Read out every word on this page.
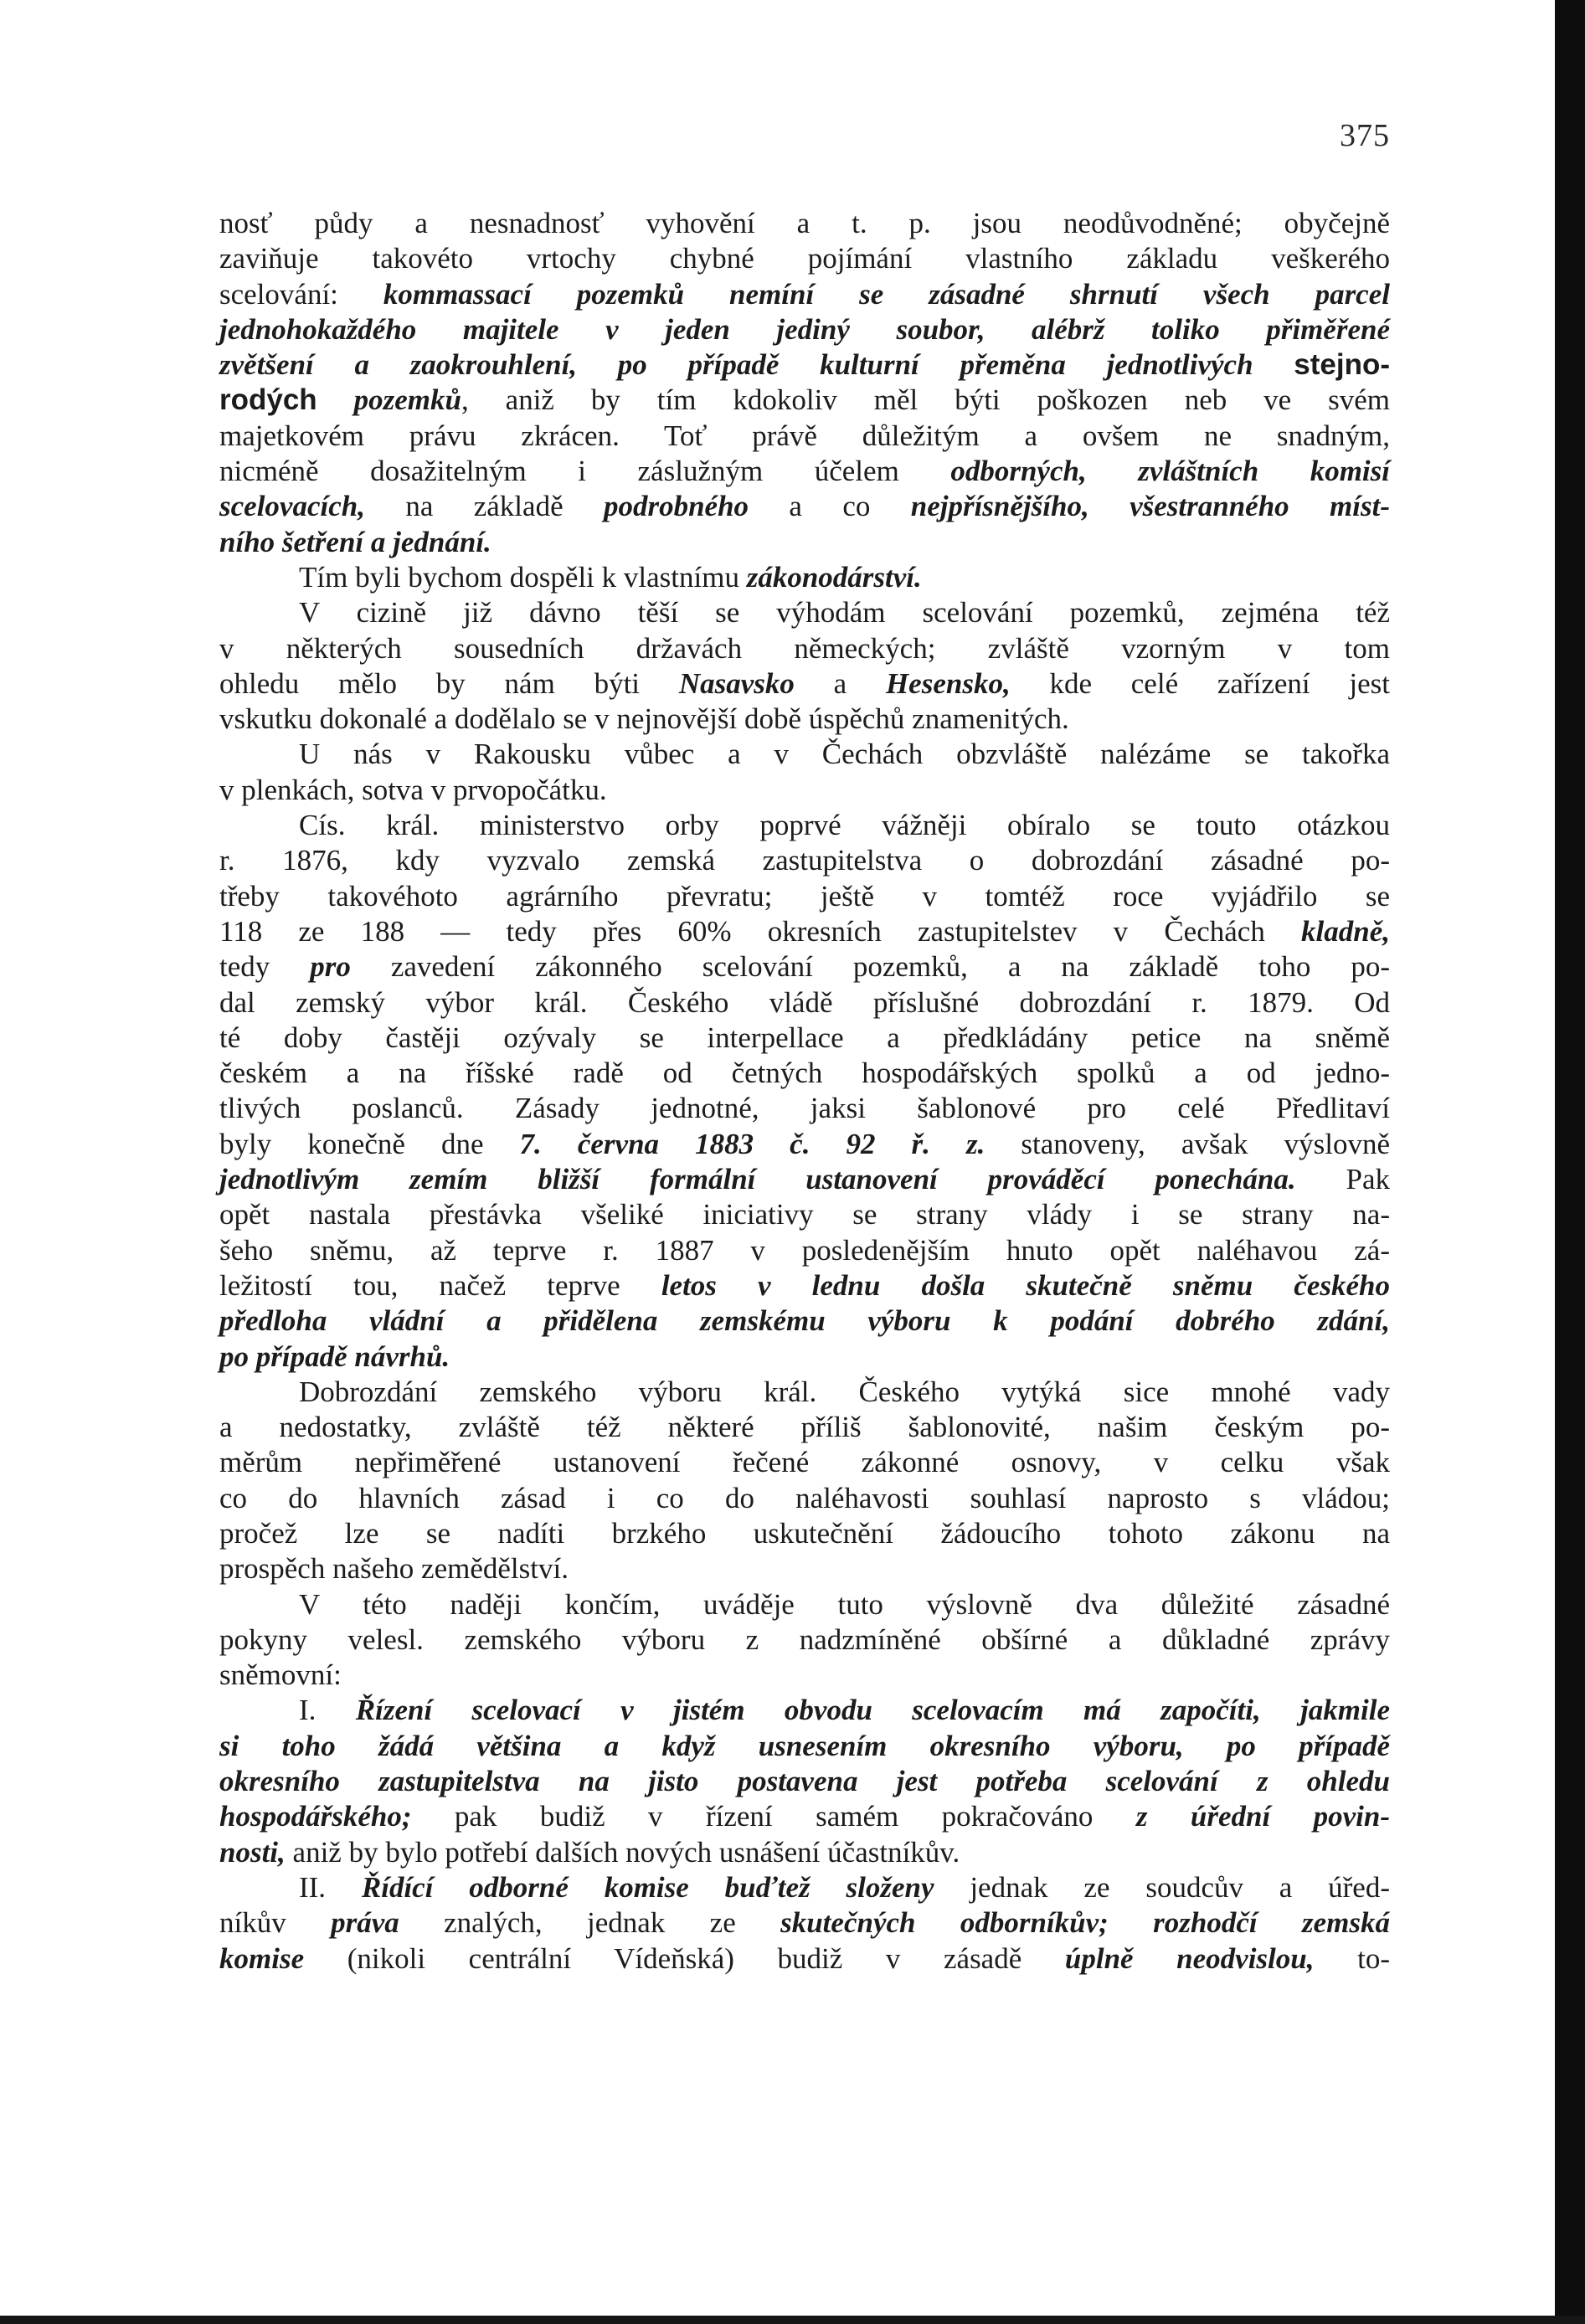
375
nosť půdy a nesnadnosť vyhovění a t. p. jsou neodůvodněné; obyčejně
zaviňuje takovéto vrtochy chybné pojímání vlastního základu veškerého
scelování: kommassací pozemků nemíní se zásadné shrnutí všech parcel
jednohokaždého majitele v jeden jediný soubor, alébrž toliko přiměřené
zvětšení a zaokrouhlení, po případě kulturní přeměna jednotlivých stejno-
rodých pozemků, aniž by tím kdokoliv měl býti poškozen neb ve svém
majetkovém právu zkrácen. Toť právě důležitým a ovšem ne snadným,
nicméně dosažitelným i záslužným účelem odborných, zvláštních komisí
scelovacích, na základě podrobného a co nejpřísnějšího, všestranného míst-
ního šetření a jednání.
Tím byli bychom dospěli k vlastnímu zákonodárství.
V cizině již dávno těší se výhodám scelování pozemků, zejména též
v některých sousedních državách německých; zvláště vzorným v tom
ohledu mělo by nám býti Nasavsko a Hesensko, kde celé zařízení jest
vskutku dokonalé a dodělalo se v nejnovější době úspěchů znamenitých.
U nás v Rakousku vůbec a v Čechách obzvláště nalézáme se takořka
v plenkách, sotva v prvopočátku.
Cís. král. ministerstvo orby poprvé vážněji obíralo se touto otázkou
r. 1876, kdy vyzvalo zemská zastupitelstva o dobrozdání zásadné po-
třeby takovéhoto agrárního převratu; ještě v tomtéž roce vyjádřilo se
118 ze 188 — tedy přes 60% okresních zastupitelstev v Čechách kladně,
tedy pro zavedení zákonného scelování pozemků, a na základě toho po-
dal zemský výbor král. Českého vládě příslušné dobrozdání r. 1879. Od
té doby častěji ozývaly se interpellace a předkládány petice na sněmě
českém a na říšské radě od četných hospodářských spolků a od jedno-
tlivých poslanců. Zásady jednotné, jaksi šablonové pro celé Předlitaví
byly konečně dne 7. června 1883 č. 92 ř. z. stanoveny, avšak výslovně
jednotlivým zemím bližší formální ustanovení prováděcí ponechána. Pak
opět nastala přestávka všeliké iniciativy se strany vlády i se strany na-
šeho sněmu, až teprve r. 1887 v posledenějším hnuto opět naléhavou zá-
ležitostí tou, načež teprve letos v lednu došla skutečně sněmu českého
předloha vládní a přidělena zemskému výboru k podání dobrého zdání,
po případě návrhů.
Dobrozdání zemského výboru král. Českého vytýká sice mnohé vady
a nedostatky, zvláště též některé příliš šablonovité, našim českým po-
měrům nepřiměřené ustanovení řečené zákonné osnovy, v celku však
co do hlavních zásad i co do naléhavosti souhlasí naprosto s vládou;
pročež lze se nadíti brzkého uskutečnění žádoucího tohoto zákonu na
prospěch našeho zemědělství.
V této naději končím, uváděje tuto výslovně dva důležité zásadné
pokyny velesl. zemského výboru z nadzmíněné obšírné a důkladné zprávy
sněmovní:
I. Řízení scelovací v jistém obvodu scelovacím má započíti, jakmile
si toho žádá většina a když usnesením okresního výboru, po případě
okresního zastupitelstva na jisto postavena jest potřeba scelování z ohledu
hospodářského; pak budiž v řízení samém pokračováno z úřední povin-
nosti, aniž by bylo potřebí dalších nových usnášení účastníkův.
II. Řídící odborné komise buďtež složeny jednak ze soudcův a úřed-
níkův práva znalých, jednak ze skutečných odborníkův; rozhodčí zemská
komise (nikoli centrální Vídeňská) budiž v zásadě úplně neodvislou, to-
